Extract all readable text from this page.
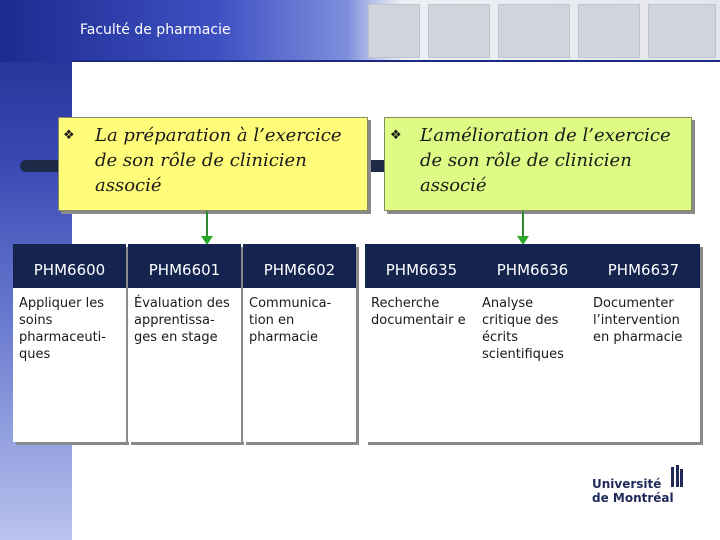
Faculté de pharmacie
❖ La préparation à l’exercice de son rôle de clinicien associé
❖ L’amélioration de l’exercice de son rôle de clinicien associé
PHM6600
Appliquer les soins pharmaceuti-ques
PHM6601
Évaluation des apprentissa-ges en stage
PHM6602
Communica-tion en pharmacie
PHM6635
Recherche documentair e
PHM6636
Analyse critique des écrits scientifiques
PHM6637
Documenter l’intervention en pharmacie
Université
de Montréal
